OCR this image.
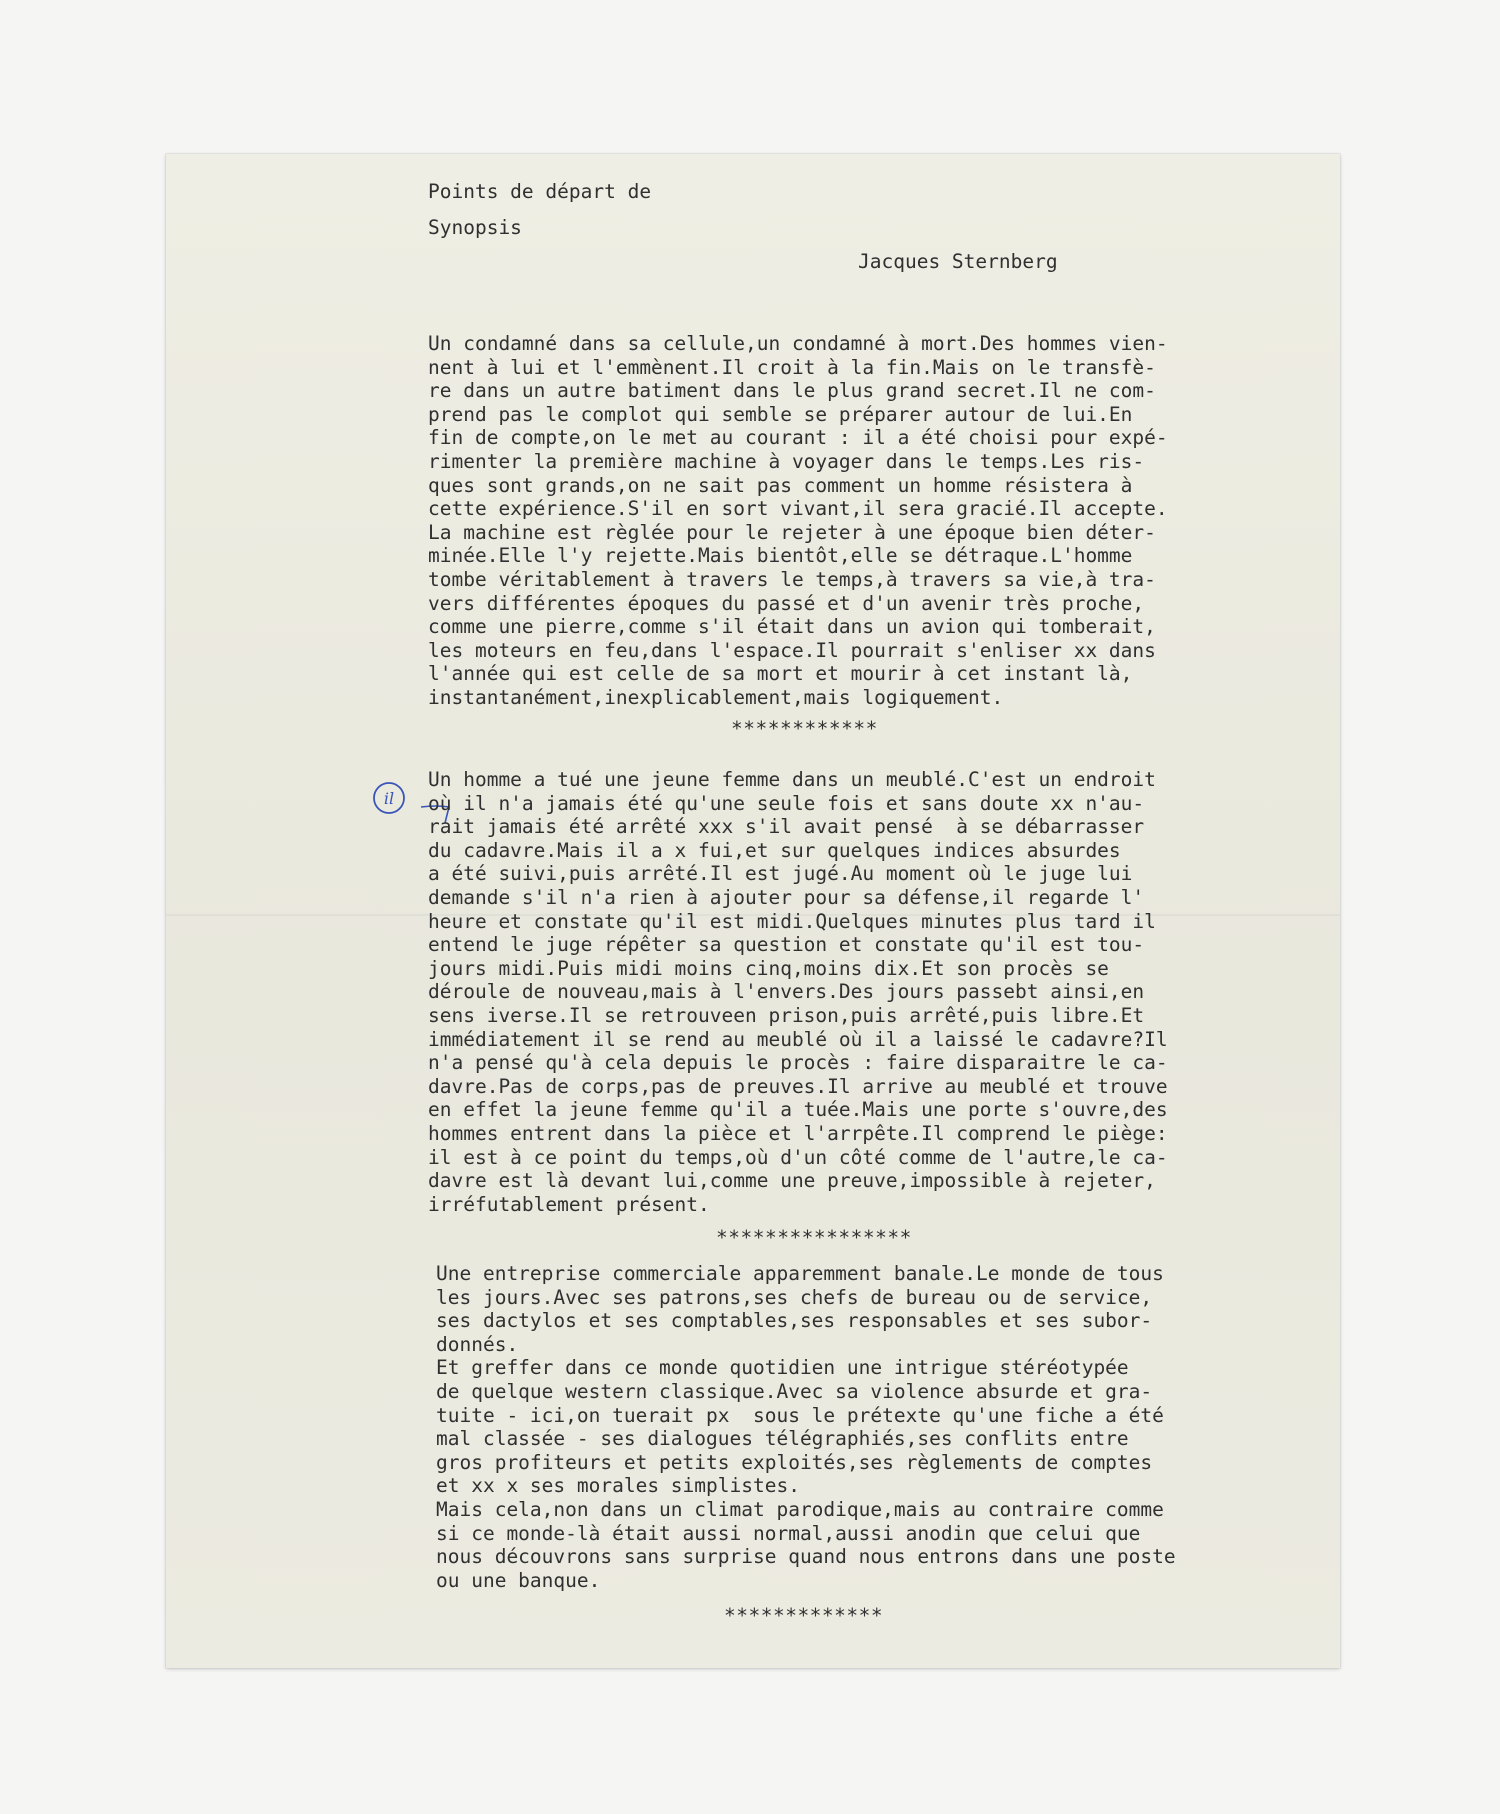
Points de départ de
Synopsis
Jacques Sternberg
Un condamné dans sa cellule,un condamné à mort.Des hommes vien-
nent à lui et l'emmènent.Il croit à la fin.Mais on le transfè-
re dans un autre batiment dans le plus grand secret.Il ne com-
prend pas le complot qui semble se préparer autour de lui.En
fin de compte,on le met au courant : il a été choisi pour expé-
rimenter la première machine à voyager dans le temps.Les ris-
ques sont grands,on ne sait pas comment un homme résistera à
cette expérience.S'il en sort vivant,il sera gracié.Il accepte.
La machine est règlée pour le rejeter à une époque bien déter-
minée.Elle l'y rejette.Mais bientôt,elle se détraque.L'homme
tombe véritablement à travers le temps,à travers sa vie,à tra-
vers différentes époques du passé et d'un avenir très proche,
comme une pierre,comme s'il était dans un avion qui tomberait,
les moteurs en feu,dans l'espace.Il pourrait s'enliser xx dans
l'année qui est celle de sa mort et mourir à cet instant là,
instantanément,inexplicablement,mais logiquement.
************
il
Un homme a tué une jeune femme dans un meublé.C'est un endroit
où il n'a jamais été qu'une seule fois et sans doute xx n'au-
rait jamais été arrêté xxx s'il avait pensé  à se débarrasser
du cadavre.Mais il a x fui,et sur quelques indices absurdes
a été suivi,puis arrêté.Il est jugé.Au moment où le juge lui
demande s'il n'a rien à ajouter pour sa défense,il regarde l'
heure et constate qu'il est midi.Quelques minutes plus tard il
entend le juge répêter sa question et constate qu'il est tou-
jours midi.Puis midi moins cinq,moins dix.Et son procès se
déroule de nouveau,mais à l'envers.Des jours passebt ainsi,en
sens iverse.Il se retrouveen prison,puis arrêté,puis libre.Et
immédiatement il se rend au meublé où il a laissé le cadavre?Il
n'a pensé qu'à cela depuis le procès : faire disparaitre le ca-
davre.Pas de corps,pas de preuves.Il arrive au meublé et trouve
en effet la jeune femme qu'il a tuée.Mais une porte s'ouvre,des
hommes entrent dans la pièce et l'arrpête.Il comprend le piège:
il est à ce point du temps,où d'un côté comme de l'autre,le ca-
davre est là devant lui,comme une preuve,impossible à rejeter,
irréfutablement présent.
****************
Une entreprise commerciale apparemment banale.Le monde de tous
les jours.Avec ses patrons,ses chefs de bureau ou de service,
ses dactylos et ses comptables,ses responsables et ses subor-
donnés.
Et greffer dans ce monde quotidien une intrigue stéréotypée
de quelque western classique.Avec sa violence absurde et gra-
tuite - ici,on tuerait px  sous le prétexte qu'une fiche a été
mal classée - ses dialogues télégraphiés,ses conflits entre
gros profiteurs et petits exploités,ses règlements de comptes
et xx x ses morales simplistes.
Mais cela,non dans un climat parodique,mais au contraire comme
si ce monde-là était aussi normal,aussi anodin que celui que
nous découvrons sans surprise quand nous entrons dans une poste
ou une banque.
*************
